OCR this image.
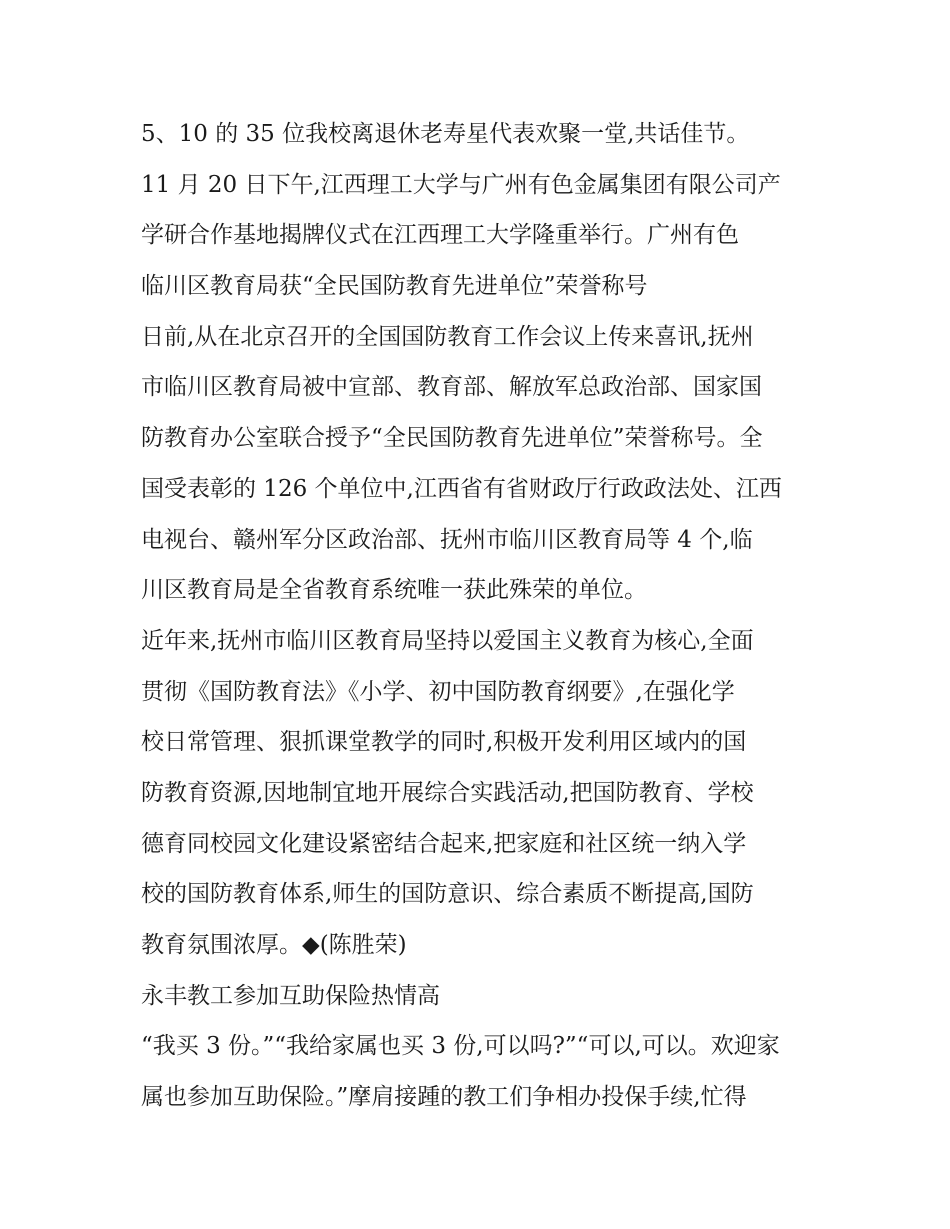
5、10 的 35 位我校离退休老寿星代表欢聚一堂,共话佳节。
11 月 20 日下午,江西理工大学与广州有色金属集团有限公司产
学研合作基地揭牌仪式在江西理工大学隆重举行。广州有色
临川区教育局获“全民国防教育先进单位”荣誉称号
日前,从在北京召开的全国国防教育工作会议上传来喜讯,抚州
市临川区教育局被中宣部、教育部、解放军总政治部、国家国
防教育办公室联合授予“全民国防教育先进单位”荣誉称号。全
国受表彰的 126 个单位中,江西省有省财政厅行政政法处、江西
电视台、赣州军分区政治部、抚州市临川区教育局等 4 个,临
川区教育局是全省教育系统唯一获此殊荣的单位。
近年来,抚州市临川区教育局坚持以爱国主义教育为核心,全面
贯彻《国防教育法》《小学、初中国防教育纲要》,在强化学
校日常管理、狠抓课堂教学的同时,积极开发利用区域内的国
防教育资源,因地制宜地开展综合实践活动,把国防教育、学校
德育同校园文化建设紧密结合起来,把家庭和社区统一纳入学
校的国防教育体系,师生的国防意识、综合素质不断提高,国防
教育氛围浓厚。◆(陈胜荣)
永丰教工参加互助保险热情高
“我买 3 份。”“我给家属也买 3 份,可以吗?”“可以,可以。欢迎家
属也参加互助保险。”摩肩接踵的教工们争相办投保手续,忙得
